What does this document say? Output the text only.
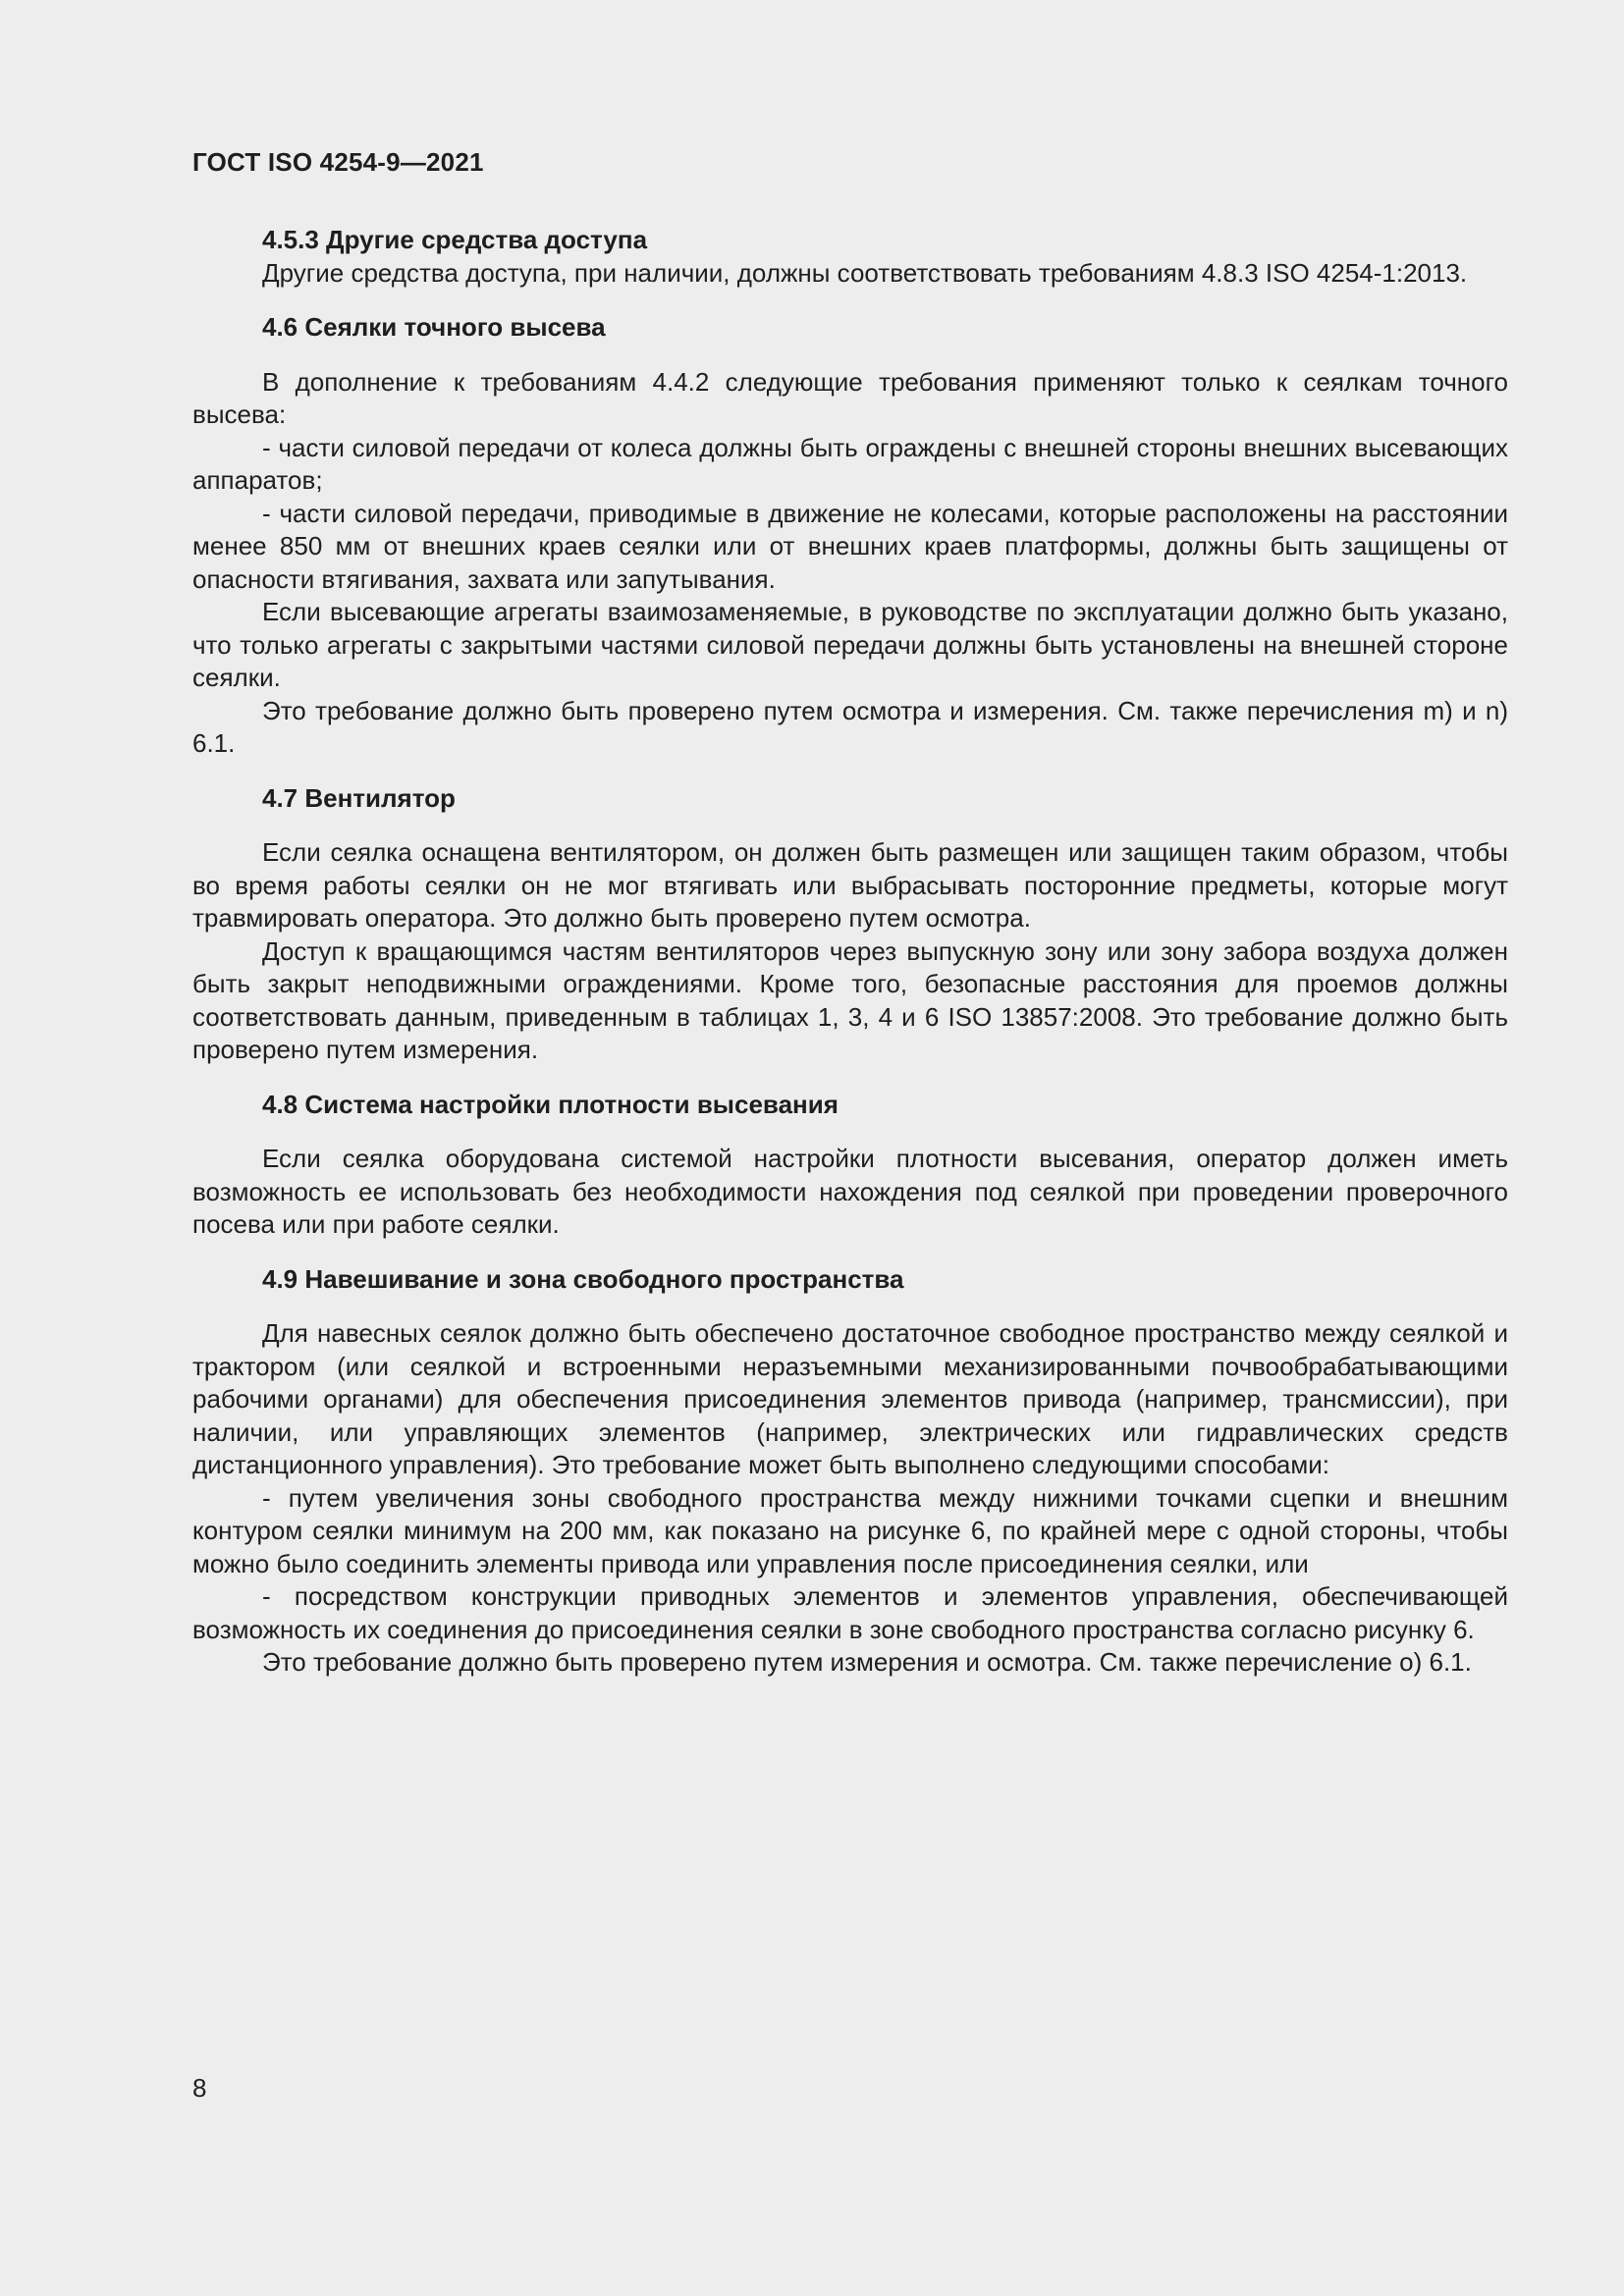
ГОСТ ISO 4254-9—2021
4.5.3 Другие средства доступа

Другие средства доступа, при наличии, должны соответствовать требованиям 4.8.3 ISO 4254-1:2013.

4.6 Сеялки точного высева

В дополнение к требованиям 4.4.2 следующие требования применяют только к сеялкам точного высева:

- части силовой передачи от колеса должны быть ограждены с внешней стороны внешних высевающих аппаратов;

- части силовой передачи, приводимые в движение не колесами, которые расположены на расстоянии менее 850 мм от внешних краев сеялки или от внешних краев платформы, должны быть защищены от опасности втягивания, захвата или запутывания.

Если высевающие агрегаты взаимозаменяемые, в руководстве по эксплуатации должно быть указано, что только агрегаты с закрытыми частями силовой передачи должны быть установлены на внешней стороне сеялки.

Это требование должно быть проверено путем осмотра и измерения. См. также перечисления m) и n) 6.1.

4.7 Вентилятор

Если сеялка оснащена вентилятором, он должен быть размещен или защищен таким образом, чтобы во время работы сеялки он не мог втягивать или выбрасывать посторонние предметы, которые могут травмировать оператора. Это должно быть проверено путем осмотра.

Доступ к вращающимся частям вентиляторов через выпускную зону или зону забора воздуха должен быть закрыт неподвижными ограждениями. Кроме того, безопасные расстояния для проемов должны соответствовать данным, приведенным в таблицах 1, 3, 4 и 6 ISO 13857:2008. Это требование должно быть проверено путем измерения.

4.8 Система настройки плотности высевания

Если сеялка оборудована системой настройки плотности высевания, оператор должен иметь возможность ее использовать без необходимости нахождения под сеялкой при проведении проверочного посева или при работе сеялки.

4.9 Навешивание и зона свободного пространства

Для навесных сеялок должно быть обеспечено достаточное свободное пространство между сеялкой и трактором (или сеялкой и встроенными неразъемными механизированными почвообрабатывающими рабочими органами) для обеспечения присоединения элементов привода (например, трансмиссии), при наличии, или управляющих элементов (например, электрических или гидравлических средств дистанционного управления). Это требование может быть выполнено следующими способами:

- путем увеличения зоны свободного пространства между нижними точками сцепки и внешним контуром сеялки минимум на 200 мм, как показано на рисунке 6, по крайней мере с одной стороны, чтобы можно было соединить элементы привода или управления после присоединения сеялки, или

- посредством конструкции приводных элементов и элементов управления, обеспечивающей возможность их соединения до присоединения сеялки в зоне свободного пространства согласно рисунку 6.

Это требование должно быть проверено путем измерения и осмотра. См. также перечисление o) 6.1.

8
